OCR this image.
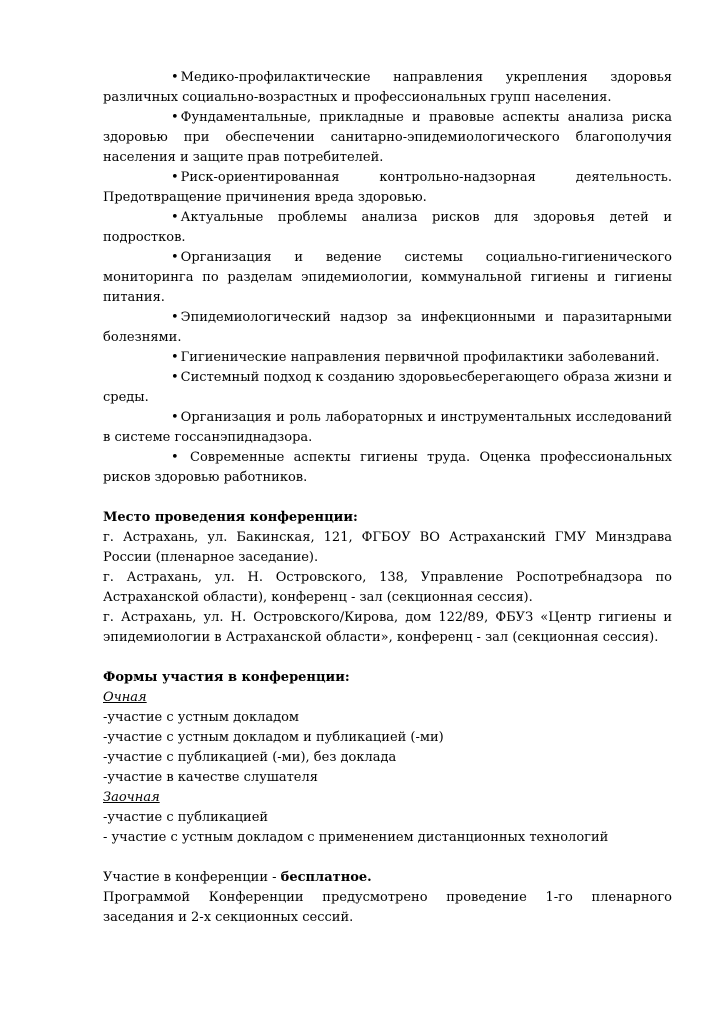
• Медико-профилактические направления укрепления здоровья различных социально-возрастных и профессиональных групп населения.

• Фундаментальные, прикладные и правовые аспекты анализа риска здоровью при обеспечении санитарно-эпидемиологического благополучия населения и защите прав потребителей.

• Риск-ориентированная контрольно-надзорная деятельность. Предотвращение причинения вреда здоровью.

• Актуальные проблемы анализа рисков для здоровья детей и подростков.

• Организация и ведение системы социально-гигиенического мониторинга по разделам эпидемиологии, коммунальной гигиены и гигиены питания.

• Эпидемиологический надзор за инфекционными и паразитарными болезнями.

• Гигиенические направления первичной профилактики заболеваний.

• Системный подход к созданию здоровьесберегающего образа жизни и среды.

• Организация и роль лабораторных и инструментальных исследований в системе госсанэпиднадзора.

• Современные аспекты гигиены труда. Оценка профессиональных рисков здоровью работников.

Место проведения конференции:

г. Астрахань, ул. Бакинская, 121, ФГБОУ ВО Астраханский ГМУ Минздрава России (пленарное заседание).

г. Астрахань, ул. Н. Островского, 138, Управление Роспотребнадзора по Астраханской области), конференц - зал (секционная сессия).

г. Астрахань, ул. Н. Островского/Кирова, дом 122/89, ФБУЗ «Центр гигиены и эпидемиологии в Астраханской области», конференц - зал (секционная сессия).

Формы участия в конференции:

Очная

-участие с устным докладом

-участие с устным докладом и публикацией (-ми)

-участие с публикацией (-ми), без доклада

-участие в качестве слушателя

Заочная

-участие с публикацией

- участие с устным докладом с применением дистанционных технологий

Участие в конференции - бесплатное.

Программой Конференции предусмотрено проведение 1-го пленарного заседания и 2-х секционных сессий.
